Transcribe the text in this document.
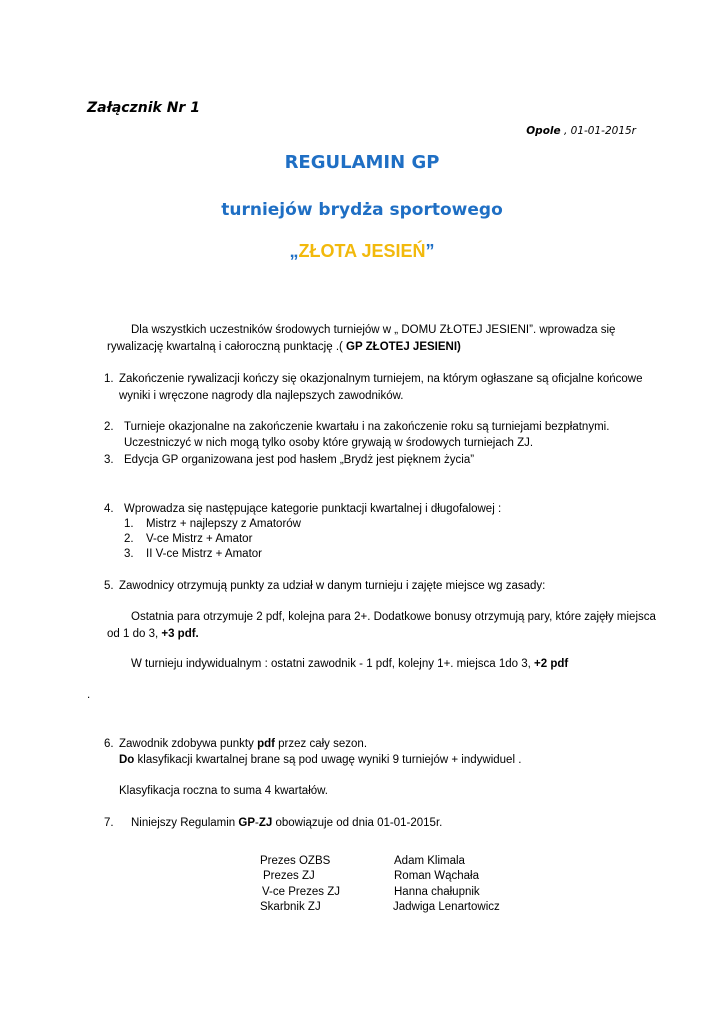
Załącznik Nr 1
Opole , 01-01-2015r
REGULAMIN GP
turniejów brydża sportowego
„ZŁOTA JESIEŃ”
Dla wszystkich uczestników środowych turniejów w „ DOMU ZŁOTEJ JESIENI”. wprowadza się
rywalizację kwartalną i całoroczną punktację .( GP ZŁOTEJ JESIENI)
1. Zakończenie rywalizacji kończy się okazjonalnym turniejem, na którym ogłaszane są oficjalne końcowe
wyniki i wręczone nagrody dla najlepszych zawodników.
2. Turnieje okazjonalne na zakończenie kwartału i na zakończenie roku są turniejami bezpłatnymi.
Uczestniczyć w nich mogą tylko osoby które grywają w środowych turniejach ZJ.
3. Edycja GP organizowana jest pod hasłem „Brydż jest pięknem życia”
4. Wprowadza się następujące kategorie punktacji kwartalnej i długofalowej :
1. Mistrz + najlepszy z Amatorów
2. V-ce Mistrz + Amator
3. II V-ce Mistrz + Amator
5. Zawodnicy otrzymują punkty za udział w danym turnieju i zajęte miejsce wg zasady:
Ostatnia para otrzymuje 2 pdf, kolejna para 2+. Dodatkowe bonusy otrzymują pary, które zajęły miejsca
od 1 do 3, +3 pdf.
W turnieju indywidualnym : ostatni zawodnik - 1 pdf, kolejny 1+. miejsca 1do 3, +2 pdf
.
6. Zawodnik zdobywa punkty pdf przez cały sezon.
Do klasyfikacji kwartalnej brane są pod uwagę wyniki 9 turniejów + indywiduel .
Klasyfikacja roczna to suma 4 kwartałów.
7. Niniejszy Regulamin GP-ZJ obowiązuje od dnia 01-01-2015r.
Prezes OZBS	Adam Klimala
Prezes ZJ	Roman Wąchała
V-ce Prezes ZJ	Hanna chałupnik
Skarbnik ZJ	Jadwiga Lenartowicz
